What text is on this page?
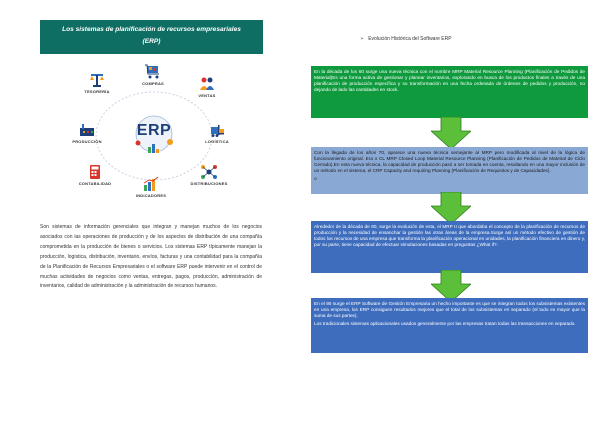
Los sistemas de planificación de recursos empresariales
(ERP)
ERP
TESORERÍA
COMPRAS
VENTAS
PRODUCCIÓN	LOGÍSTICA
CONTABILIDAD
INDICADORES
DISTRIBUCIONES

Son sistemas de información gerenciales que integran y manejan muchos de los negocios asociados con las operaciones de producción y de los aspectos de distribución de una compañía comprometida en la producción de bienes o servicios. Los sistemas ERP típicamente manejan la producción, logística, distribución, inventario, envíos, facturas y una contabilidad para la compañía de la Planificación de Recursos Empresariales o el software ERP puede intervenir en el control de muchas actividades de negocios como ventas, entregas, pagos, producción, administración de inventarios, calidad de administración y la administración de recursos humanos.

➢ Evolución Histórica del Software ERP

En la década de los 60 surge una nueva técnica con el nombre MRP Material Resource Planning (Planificación de Pedidos de Material)Es una forma activa de gestionar y planear inventarios, explorando en busca de los productos finales a través de una planificación de producción específica y su transformación en una fecha ordenada de órdenes de pedidos y producción, no dejando de lado las cantidades en stock.

Con la llegada de los años 70, aparece una nueva técnica semejante al MRP pero modificada al nivel de la lógica de funcionamiento original. Era o CL MRP Closed Loop Material Resource Planning (Planificación de Pedidos de Material de Ciclo Cerrado).En esta nueva técnica, la capacidad de producción pasó a ser tomada en cuenta, resultando en una mayor inclusión de un método en el sistema, el CRP Capacity and requiring Planning (Planificación de Requisitos y de Capacidades).

o

Alrededor de la década de 80, surge la evolución de esta, el MRP II que abordaba el concepto de la planificación de recursos de producción y la necesidad de ensanchar la gestión las otras áreas de la empresa.Surge así un método efectivo de gestión de todos los recursos de una empresa que transforma la planificación operacional en unidades, la planificación financiera en dinero y, por su parte, tiene capacidad de efectuar simulaciones basadas en preguntas ¿What if?.

En el 90 surge el ERP Software de Gestión Empresaria un hecho importante es que se integran todos los subsistemas existentes en una empresa, los ERP consiguen resultados mejores que el total de los subsistemas en separado (el todo es mayor que la suma de sus partes).

Los tradicionales sistemas aplicacionales usados generalmente por las empresas tratan todas las transacciones en separado.
